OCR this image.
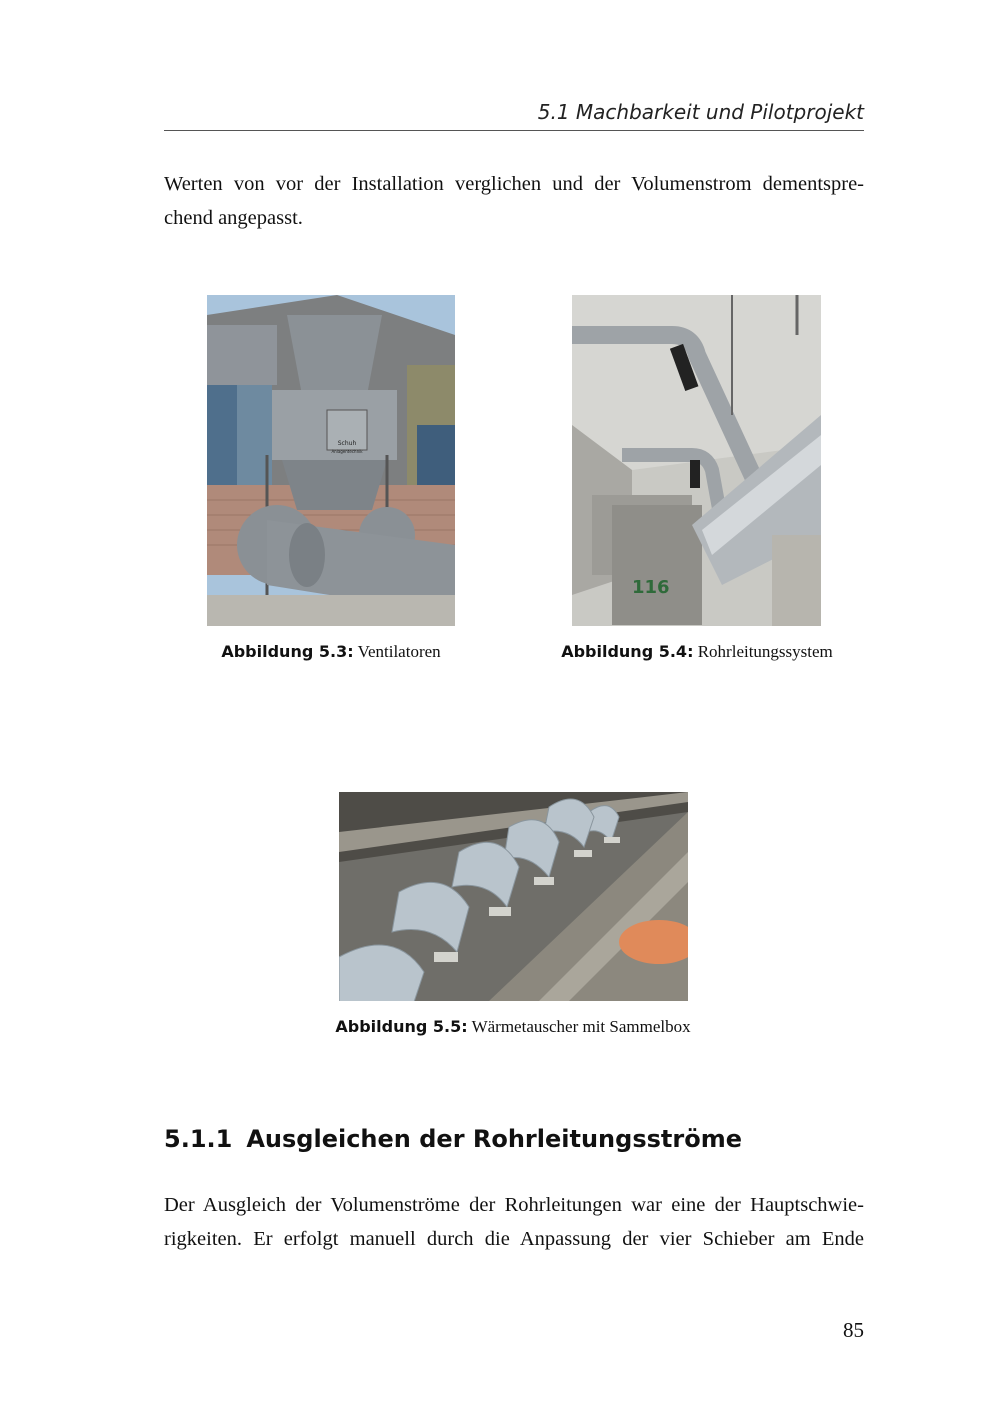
5.1 Machbarkeit und Pilotprojekt

Werten von vor der Installation verglichen und der Volumenstrom dementspre-
chend angepasst.

Schuh
Anlagentechnik
Abbildung 5.3: Ventilatoren
116
Abbildung 5.4: Rohrleitungssystem
Abbildung 5.5: Wärmetauscher mit Sammelbox
5.1.1 Ausgleichen der Rohrleitungsströme

Der Ausgleich der Volumenströme der Rohrleitungen war eine der Hauptschwie-
rigkeiten. Er erfolgt manuell durch die Anpassung der vier Schieber am Ende

85
